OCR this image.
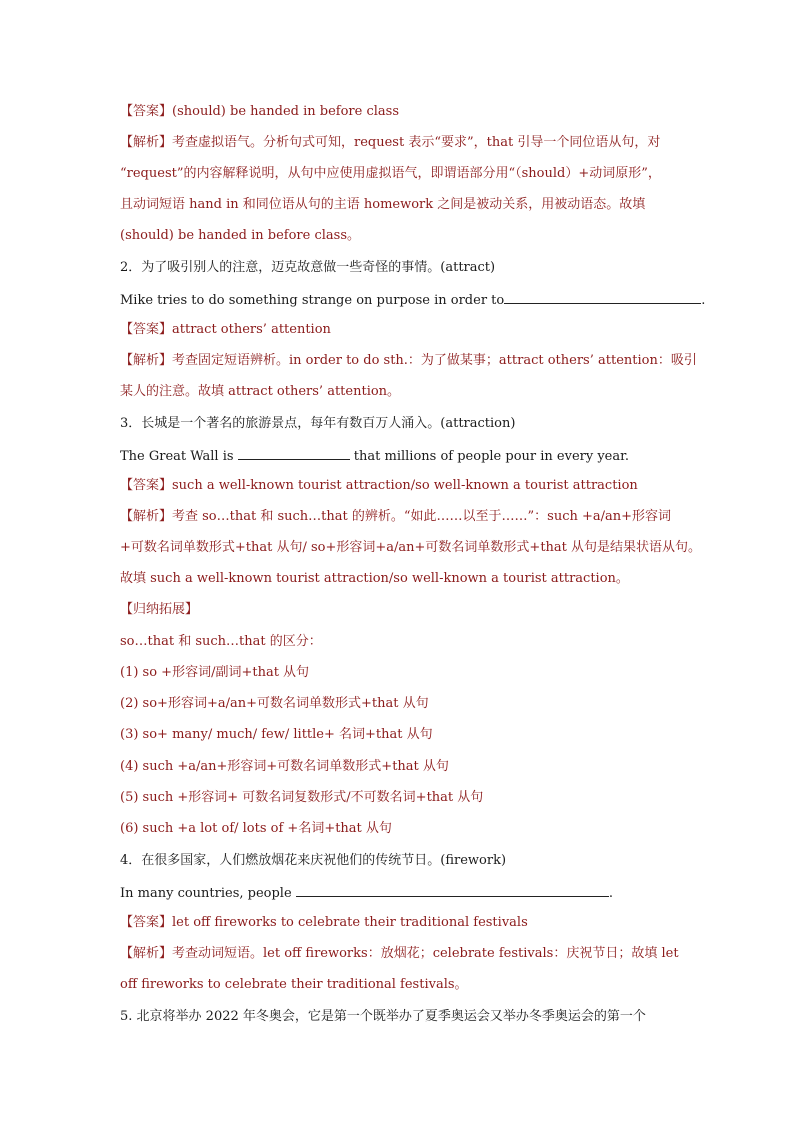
【答案】(should) be handed in before class
【解析】考查虚拟语气。分析句式可知，request 表示“要求”，that 引导一个同位语从句，对
“request”的内容解释说明，从句中应使用虚拟语气，即谓语部分用“（should）+动词原形”，
且动词短语 hand in 和同位语从句的主语 homework 之间是被动关系，用被动语态。故填
(should) be handed in before class。
2．为了吸引别人的注意，迈克故意做一些奇怪的事情。(attract)
Mike tries to do something strange on purpose in order to	.
【答案】attract others’ attention
【解析】考查固定短语辨析。in order to do sth.：为了做某事；attract others’ attention：吸引
某人的注意。故填 attract others’ attention。
3．长城是一个著名的旅游景点，每年有数百万人涌入。(attraction)
The Great Wall is	that millions of people pour in every year.
【答案】such a well-known tourist attraction/so well-known a tourist attraction
【解析】考查 so…that 和 such…that 的辨析。“如此……以至于……”：such +a/an+形容词
+可数名词单数形式+that 从句/ so+形容词+a/an+可数名词单数形式+that 从句是结果状语从句。
故填 such a well-known tourist attraction/so well-known a tourist attraction。
【归纳拓展】
so…that 和 such…that 的区分：
(1) so +形容词/副词+that 从句
(2) so+形容词+a/an+可数名词单数形式+that 从句
(3) so+ many/ much/ few/ little+ 名词+that 从句
(4) such +a/an+形容词+可数名词单数形式+that 从句
(5) such +形容词+ 可数名词复数形式/不可数名词+that 从句
(6) such +a lot of/ lots of +名词+that 从句
4．在很多国家，人们燃放烟花来庆祝他们的传统节日。(firework)
In many countries, people	.
【答案】let off fireworks to celebrate their traditional festivals
【解析】考查动词短语。let off fireworks：放烟花；celebrate festivals：庆祝节日；故填 let
off fireworks to celebrate their traditional festivals。
5. 北京将举办 2022 年冬奥会，它是第一个既举办了夏季奥运会又举办冬季奥运会的第一个
